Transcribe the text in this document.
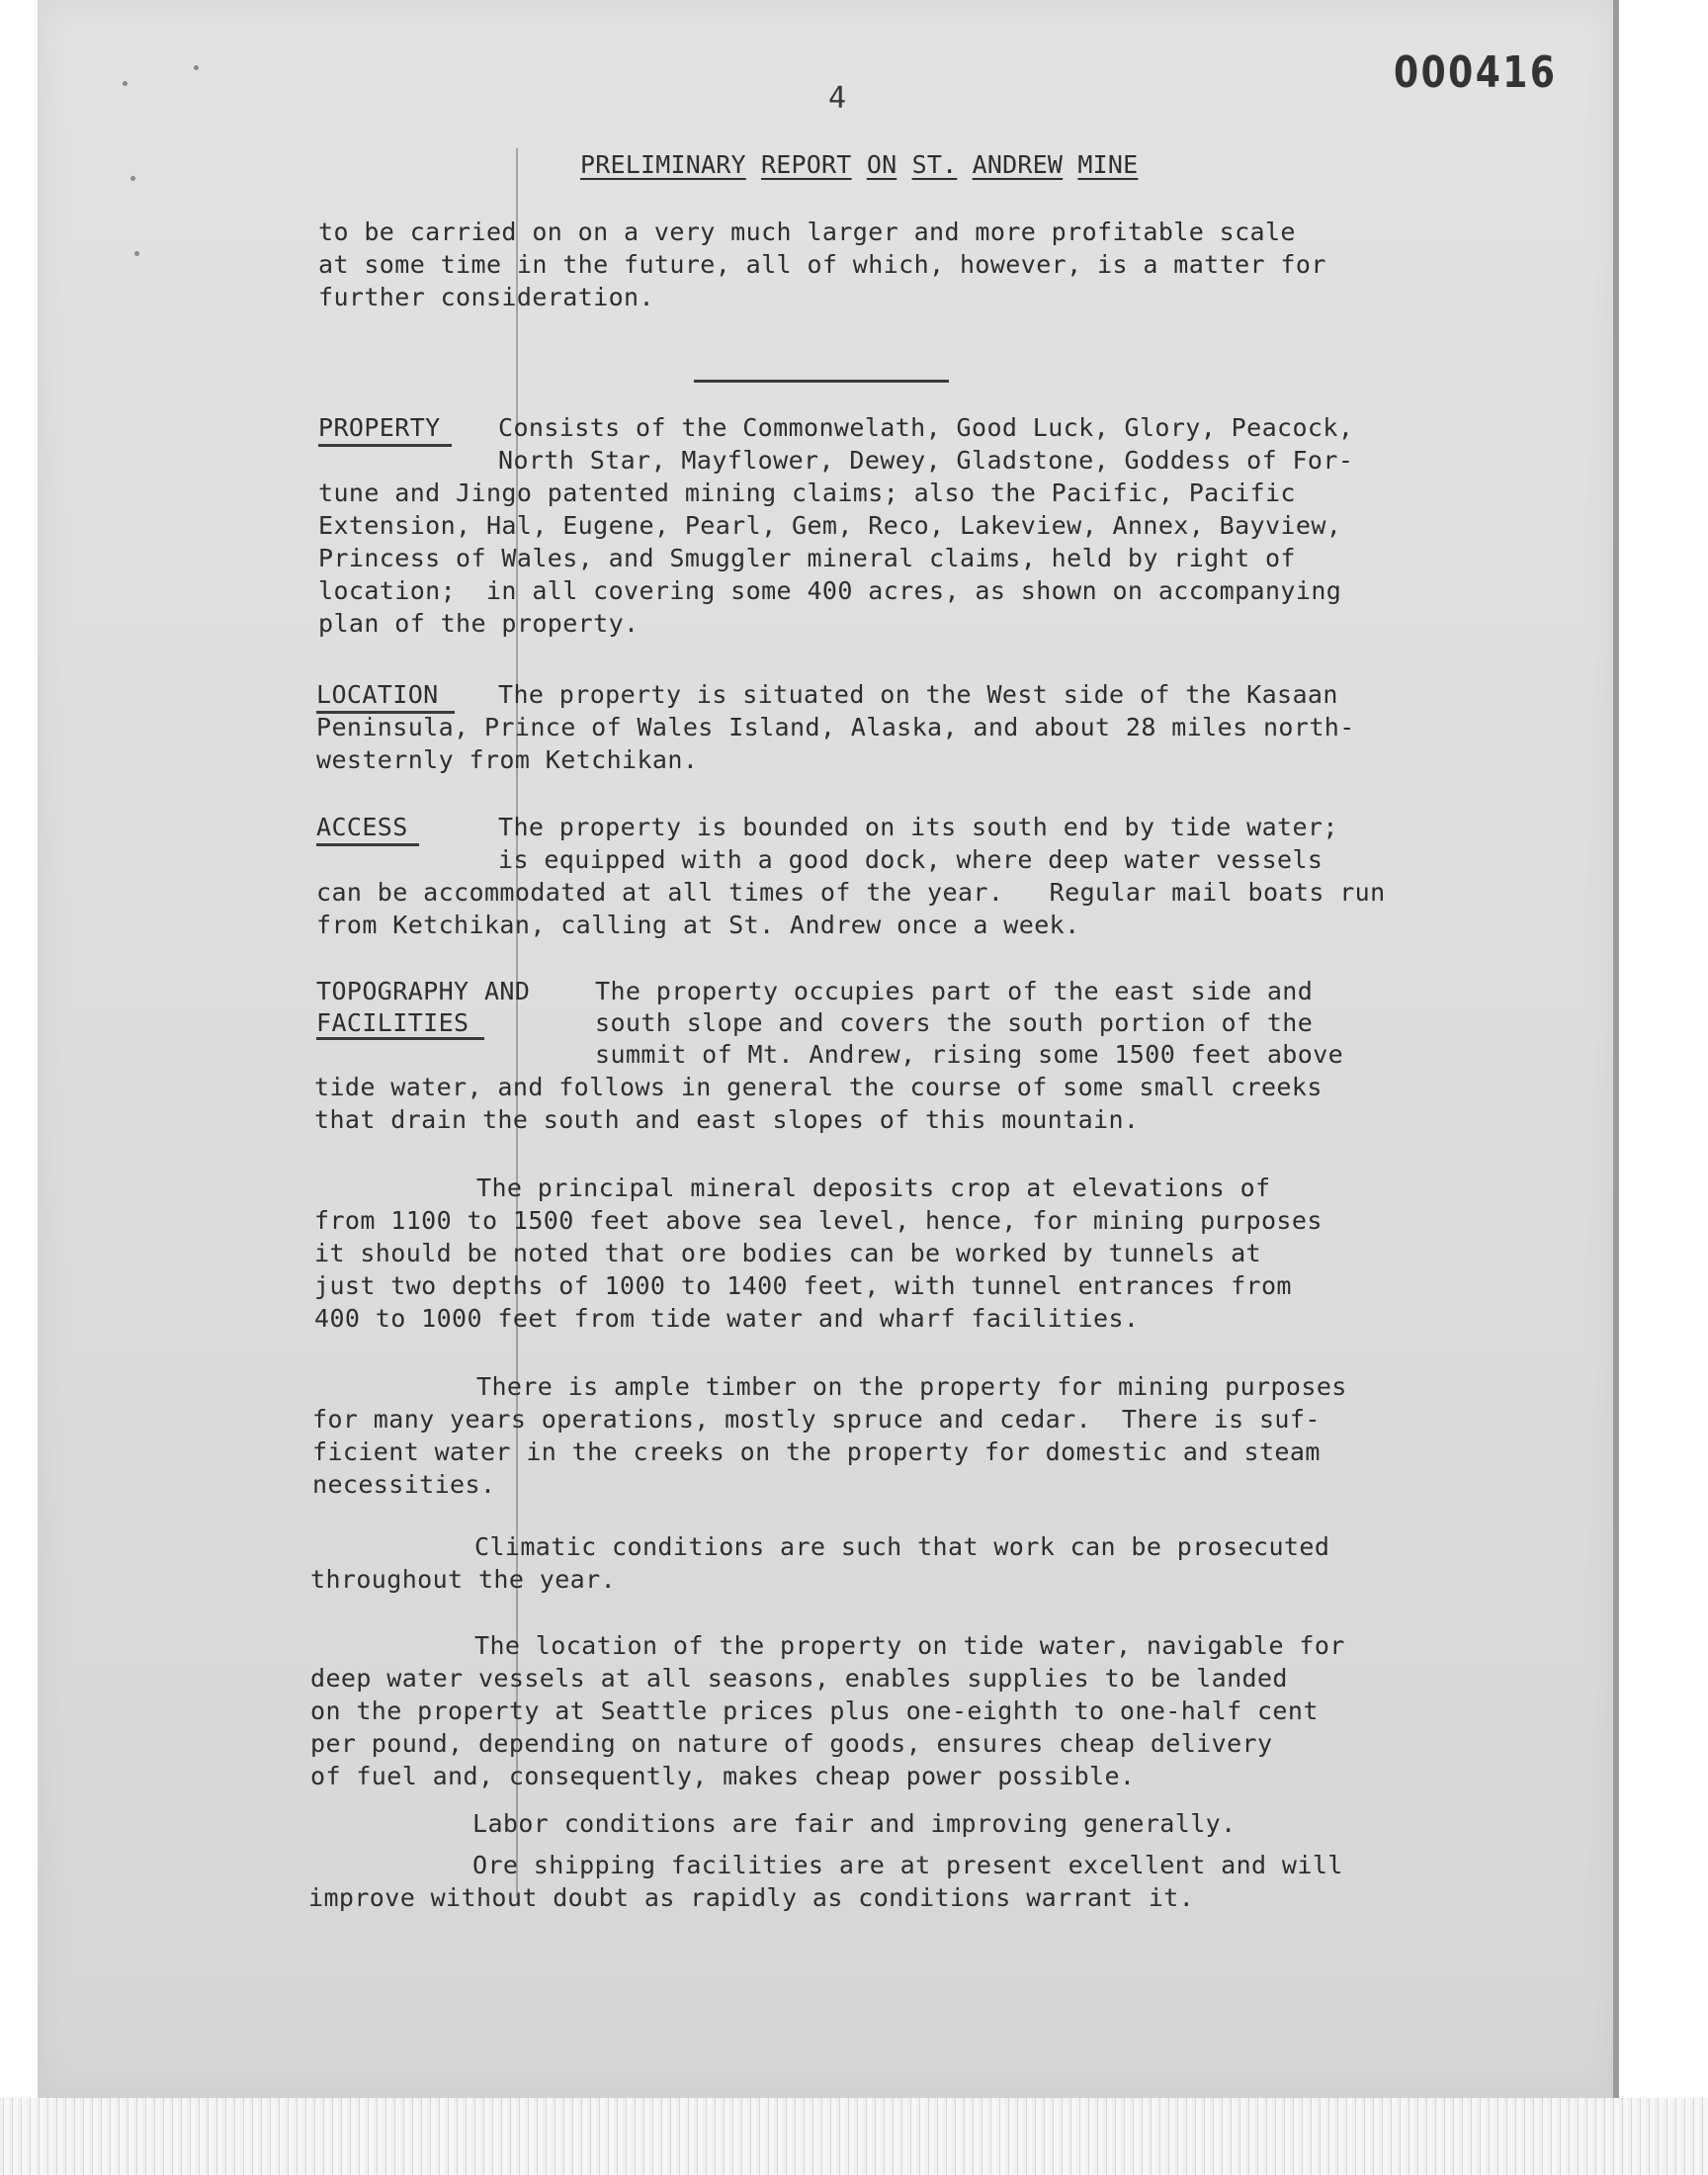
000416
4
PRELIMINARY REPORT ON ST. ANDREW MINE
to be carried on on a very much larger and more profitable scale
at some time in the future, all of which, however, is a matter for
further consideration.
PROPERTY Consists of the Commonwelath, Good Luck, Glory, Peacock,
North Star, Mayflower, Dewey, Gladstone, Goddess of For-
tune and Jingo patented mining claims; also the Pacific, Pacific
Extension, Hal, Eugene, Pearl, Gem, Reco, Lakeview, Annex, Bayview,
Princess of Wales, and Smuggler mineral claims, held by right of
location;  in all covering some 400 acres, as shown on accompanying
plan of the property.
LOCATION The property is situated on the West side of the Kasaan
Peninsula, Prince of Wales Island, Alaska, and about 28 miles north-
westernly from Ketchikan.
ACCESS	The property is bounded on its south end by tide water;
is equipped with a good dock, where deep water vessels
can be accommodated at all times of the year.   Regular mail boats run
from Ketchikan, calling at St. Andrew once a week.
TOPOGRAPHY AND
FACILITIES
The property occupies part of the east side and
south slope and covers the south portion of the
summit of Mt. Andrew, rising some 1500 feet above
tide water, and follows in general the course of some small creeks
that drain the south and east slopes of this mountain.
The principal mineral deposits crop at elevations of
from 1100 to 1500 feet above sea level, hence, for mining purposes
it should be noted that ore bodies can be worked by tunnels at
just two depths of 1000 to 1400 feet, with tunnel entrances from
400 to 1000 feet from tide water and wharf facilities.
There is ample timber on the property for mining purposes
for many years operations, mostly spruce and cedar.  There is suf-
ficient water in the creeks on the property for domestic and steam
necessities.
Climatic conditions are such that work can be prosecuted
throughout the year.
The location of the property on tide water, navigable for
deep water vessels at all seasons, enables supplies to be landed
on the property at Seattle prices plus one-eighth to one-half cent
per pound, depending on nature of goods, ensures cheap delivery
of fuel and, consequently, makes cheap power possible.
Labor conditions are fair and improving generally.
Ore shipping facilities are at present excellent and will
improve without doubt as rapidly as conditions warrant it.
